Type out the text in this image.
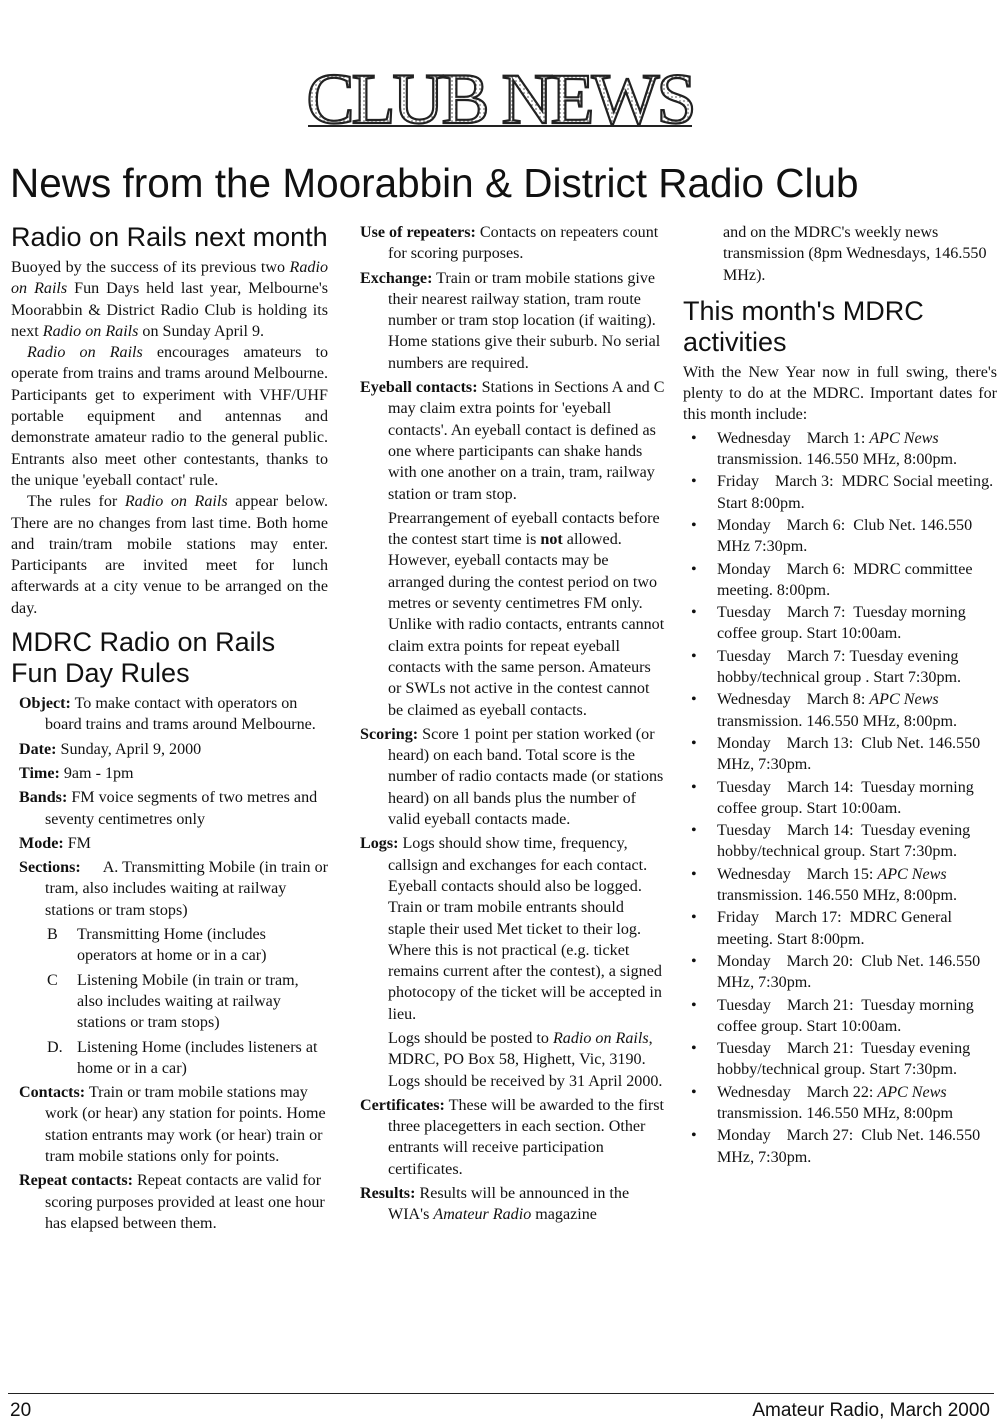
CLUB NEWS
News from the Moorabbin & District Radio Club
Radio on Rails next month

Buoyed by the success of its previous two Radio on Rails Fun Days held last year, Melbourne's Moorabbin & District Radio Club is holding its next Radio on Rails on Sunday April 9.

Radio on Rails encourages amateurs to operate from trains and trams around Melbourne. Participants get to experiment with VHF/UHF portable equipment and antennas and demonstrate amateur radio to the general public. Entrants also meet other contestants, thanks to the unique 'eyeball contact' rule.

The rules for Radio on Rails appear below. There are no changes from last time. Both home and train/tram mobile stations may enter. Participants are invited meet for lunch afterwards at a city venue to be arranged on the day.

MDRC Radio on Rails Fun Day Rules

Object: To make contact with operators on board trains and trams around Melbourne.

Date: Sunday, April 9, 2000

Time: 9am - 1pm

Bands: FM voice segments of two metres and seventy centimetres only

Mode: FM

Sections: A. Transmitting Mobile (in train or tram, also includes waiting at railway stations or tram stops)

B Transmitting Home (includes operators at home or in a car)

C Listening Mobile (in train or tram, also includes waiting at railway stations or tram stops)

D. Listening Home (includes listeners at home or in a car)

Contacts: Train or tram mobile stations may work (or hear) any station for points. Home station entrants may work (or hear) train or tram mobile stations only for points.

Repeat contacts: Repeat contacts are valid for scoring purposes provided at least one hour has elapsed between them.

Use of repeaters: Contacts on repeaters count for scoring purposes.

Exchange: Train or tram mobile stations give their nearest railway station, tram route number or tram stop location (if waiting). Home stations give their suburb. No serial numbers are required.

Eyeball contacts: Stations in Sections A and C may claim extra points for 'eyeball contacts'. An eyeball contact is defined as one where participants can shake hands with one another on a train, tram, railway station or tram stop.

Prearrangement of eyeball contacts before the contest start time is not allowed. However, eyeball contacts may be arranged during the contest period on two metres or seventy centimetres FM only. Unlike with radio contacts, entrants cannot claim extra points for repeat eyeball contacts with the same person. Amateurs or SWLs not active in the contest cannot be claimed as eyeball contacts.

Scoring: Score 1 point per station worked (or heard) on each band. Total score is the number of radio contacts made (or stations heard) on all bands plus the number of valid eyeball contacts made.

Logs: Logs should show time, frequency, callsign and exchanges for each contact. Eyeball contacts should also be logged. Train or tram mobile entrants should staple their used Met ticket to their log. Where this is not practical (e.g. ticket remains current after the contest), a signed photocopy of the ticket will be accepted in lieu.

Logs should be posted to Radio on Rails, MDRC, PO Box 58, Highett, Vic, 3190. Logs should be received by 31 April 2000.

Certificates: These will be awarded to the first three placegetters in each section. Other entrants will receive participation certificates.

Results: Results will be announced in the WIA's Amateur Radio magazine

and on the MDRC's weekly news transmission (8pm Wednesdays, 146.550 MHz).

This month's MDRC activities

With the New Year now in full swing, there's plenty to do at the MDRC. Important dates for this month include:

• Wednesday March 1: APC News transmission. 146.550 MHz, 8:00pm.
• Friday March 3: MDRC Social meeting. Start 8:00pm.
• Monday March 6: Club Net. 146.550 MHz 7:30pm.
• Monday March 6: MDRC committee meeting. 8:00pm.
• Tuesday March 7: Tuesday morning coffee group. Start 10:00am.
• Tuesday March 7: Tuesday evening hobby/technical group . Start 7:30pm.
• Wednesday March 8: APC News transmission. 146.550 MHz, 8:00pm.
• Monday March 13: Club Net. 146.550 MHz, 7:30pm.
• Tuesday March 14: Tuesday morning coffee group. Start 10:00am.
• Tuesday March 14: Tuesday evening hobby/technical group. Start 7:30pm.
• Wednesday March 15: APC News transmission. 146.550 MHz, 8:00pm.
• Friday March 17: MDRC General meeting. Start 8:00pm.
• Monday March 20: Club Net. 146.550 MHz, 7:30pm.
• Tuesday March 21: Tuesday morning coffee group. Start 10:00am.
• Tuesday March 21: Tuesday evening hobby/technical group. Start 7:30pm.
• Wednesday March 22: APC News transmission. 146.550 MHz, 8:00pm
• Monday March 27: Club Net. 146.550 MHz, 7:30pm.
20	Amateur Radio, March 2000
